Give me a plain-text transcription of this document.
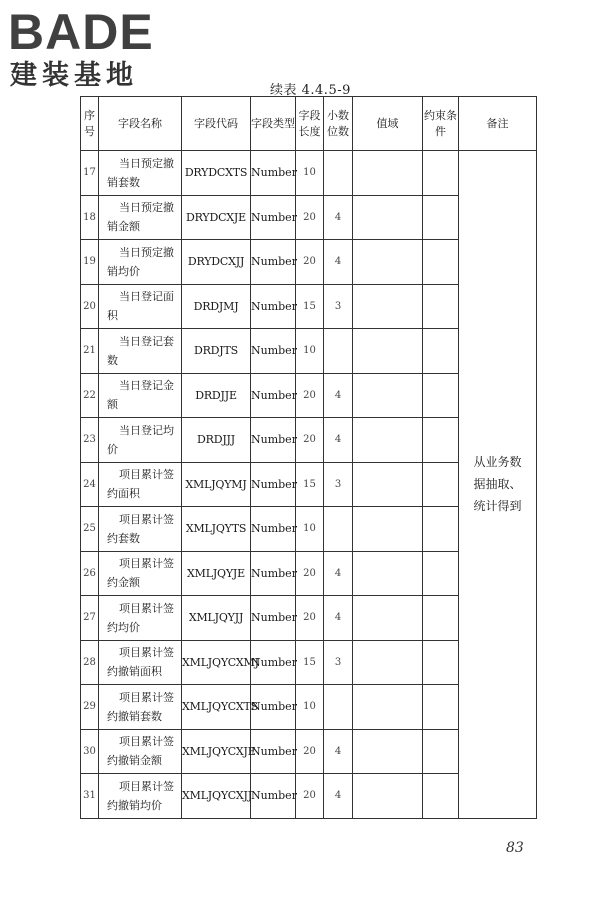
BADE
建装基地	续表 4.4.5-9
序号	字段名称	字段代码	字段类型	字段长度	小数位数	值域	约束条件	备注
17	当日预定撤销套数	DRYDCXTS	Number	10				从业务数据抽取、统计得到
18	当日预定撤销金额	DRYDCXJE	Number	20	4			
19	当日预定撤销均价	DRYDCXJJ	Number	20	4			
20	当日登记面积	DRDJMJ	Number	15	3			
21	当日登记套数	DRDJTS	Number	10				
22	当日登记金额	DRDJJE	Number	20	4			
23	当日登记均价	DRDJJJ	Number	20	4			
24	项目累计签约面积	XMLJQYMJ	Number	15	3			
25	项目累计签约套数	XMLJQYTS	Number	10				
26	项目累计签约金额	XMLJQYJE	Number	20	4			
27	项目累计签约均价	XMLJQYJJ	Number	20	4			
28	项目累计签约撤销面积	XMLJQYCXMJ	Number	15	3			
29	项目累计签约撤销套数	XMLJQYCXTS	Number	10				
30	项目累计签约撤销金额	XMLJQYCXJE	Number	20	4			
31	项目累计签约撤销均价	XMLJQYCXJJ	Number	20	4			
83
